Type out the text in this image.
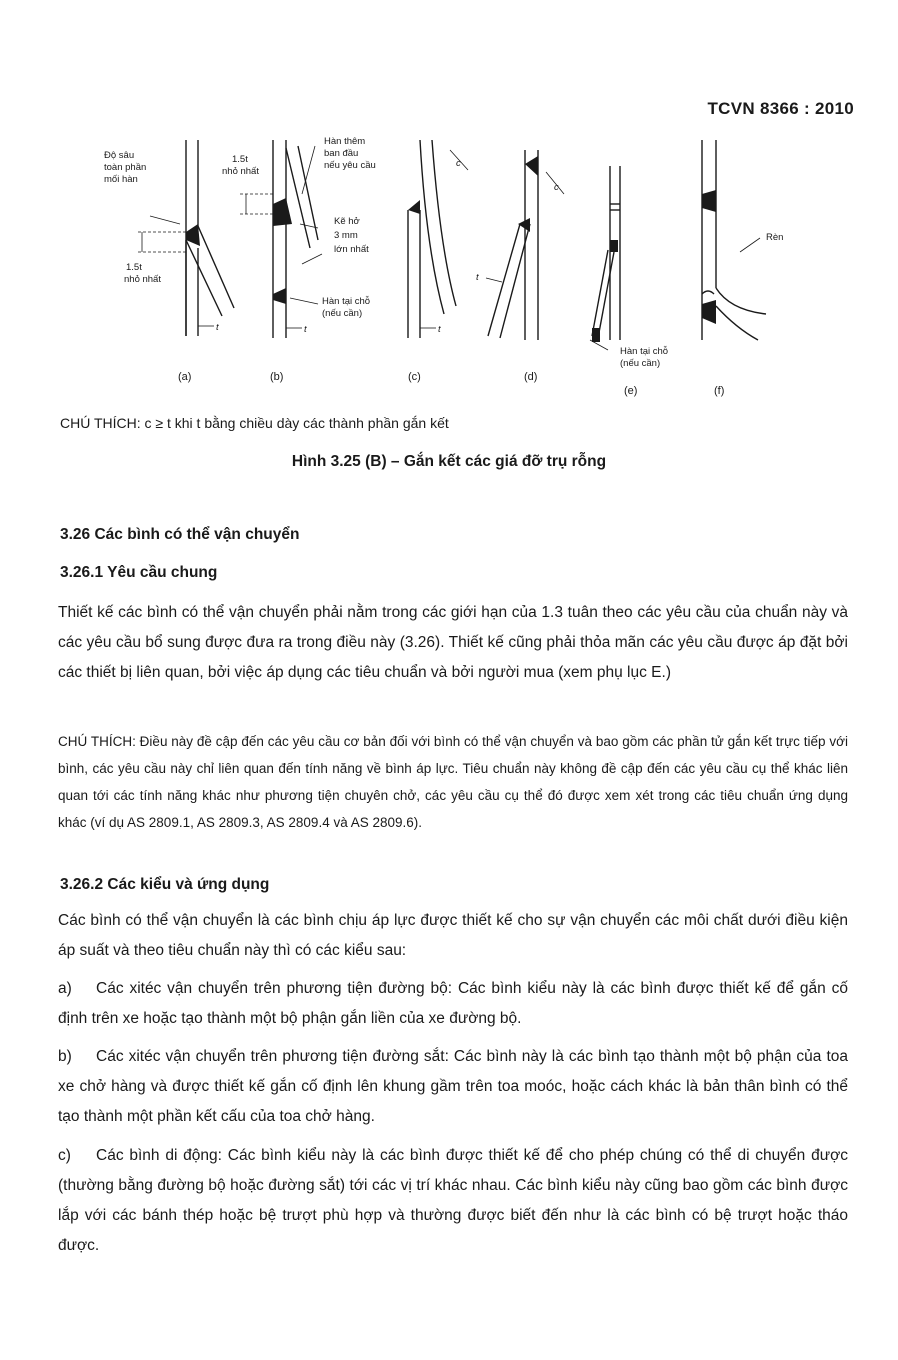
TCVN 8366 : 2010
Độ sâu
toàn phần
mối hàn
1.5t
nhỏ nhất
1.5t
nhỏ nhất
Hàn thêm
ban đầu
nếu yêu cầu
Kẽ hở
3 mm
lớn nhất
Hàn tại chỗ
(nếu cần)
Hàn tại chỗ
(nếu cần)
Rèn
t	t	t
t
c
c
(a)	(b)	(c)	(d)
(e)	(f)
CHÚ THÍCH: c ≥ t khi t bằng chiều dày các thành phần gắn kết
Hình 3.25 (B) – Gắn kết các giá đỡ trụ rỗng
3.26 Các bình có thể vận chuyển
3.26.1 Yêu cầu chung

Thiết kế các bình có thể vận chuyển phải nằm trong các giới hạn của 1.3 tuân theo các yêu cầu của chuẩn này và các yêu cầu bổ sung được đưa ra trong điều này (3.26). Thiết kế cũng phải thỏa mãn các yêu cầu được áp đặt bởi các thiết bị liên quan, bởi việc áp dụng các tiêu chuẩn và bởi người mua (xem phụ lục E.)

CHÚ THÍCH: Điều này đề cập đến các yêu cầu cơ bản đối với bình có thể vận chuyển và bao gồm các phần tử gắn kết trực tiếp với bình, các yêu cầu này chỉ liên quan đến tính năng về bình áp lực. Tiêu chuẩn này không đề cập đến các yêu cầu cụ thể khác liên quan tới các tính năng khác như phương tiện chuyên chở, các yêu cầu cụ thể đó được xem xét trong các tiêu chuẩn ứng dụng khác (ví dụ AS 2809.1, AS 2809.3, AS 2809.4 và AS 2809.6).

3.26.2 Các kiểu và ứng dụng

Các bình có thể vận chuyển là các bình chịu áp lực được thiết kế cho sự vận chuyển các môi chất dưới điều kiện áp suất và theo tiêu chuẩn này thì có các kiểu sau:

a) Các xitéc vận chuyển trên phương tiện đường bộ: Các bình kiểu này là các bình được thiết kế để gắn cố định trên xe hoặc tạo thành một bộ phận gắn liền của xe đường bộ.

b) Các xitéc vận chuyển trên phương tiện đường sắt: Các bình này là các bình tạo thành một bộ phận của toa xe chở hàng và được thiết kế gắn cố định lên khung gầm trên toa moóc, hoặc cách khác là bản thân bình có thể tạo thành một phần kết cấu của toa chở hàng.

c) Các bình di động: Các bình kiểu này là các bình được thiết kế để cho phép chúng có thể di chuyển được (thường bằng đường bộ hoặc đường sắt) tới các vị trí khác nhau. Các bình kiểu này cũng bao gồm các bình được lắp với các bánh thép hoặc bệ trượt phù hợp và thường được biết đến như là các bình có bệ trượt hoặc tháo được.
